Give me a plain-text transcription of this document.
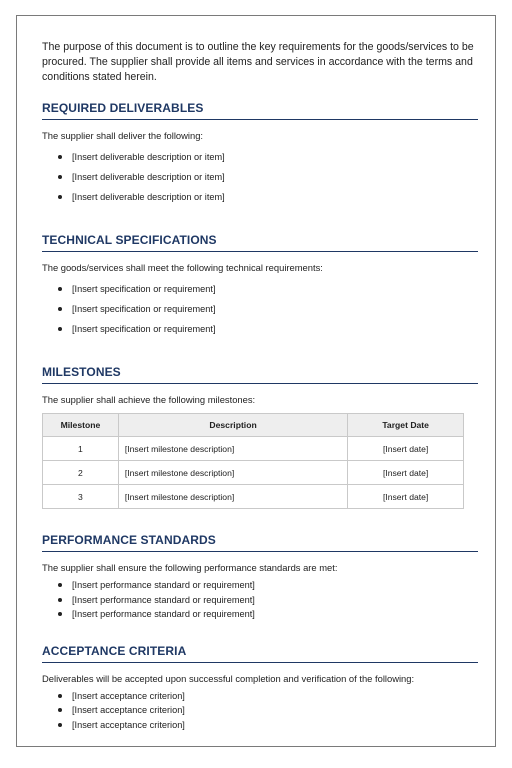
The purpose of this document is to outline the key requirements for the goods/services to be procured. The supplier shall provide all items and services in accordance with the terms and conditions stated herein.

REQUIRED DELIVERABLES

The supplier shall deliver the following:

[Insert deliverable description or item]
[Insert deliverable description or item]
[Insert deliverable description or item]
TECHNICAL SPECIFICATIONS

The goods/services shall meet the following technical requirements:

[Insert specification or requirement]
[Insert specification or requirement]
[Insert specification or requirement]
MILESTONES

The supplier shall achieve the following milestones:

Milestone	Description	Target Date
1	[Insert milestone description]	[Insert date]
2	[Insert milestone description]	[Insert date]
3	[Insert milestone description]	[Insert date]
PERFORMANCE STANDARDS

The supplier shall ensure the following performance standards are met:

[Insert performance standard or requirement]
[Insert performance standard or requirement]
[Insert performance standard or requirement]
ACCEPTANCE CRITERIA

Deliverables will be accepted upon successful completion and verification of the following:

[Insert acceptance criterion]
[Insert acceptance criterion]
[Insert acceptance criterion]
